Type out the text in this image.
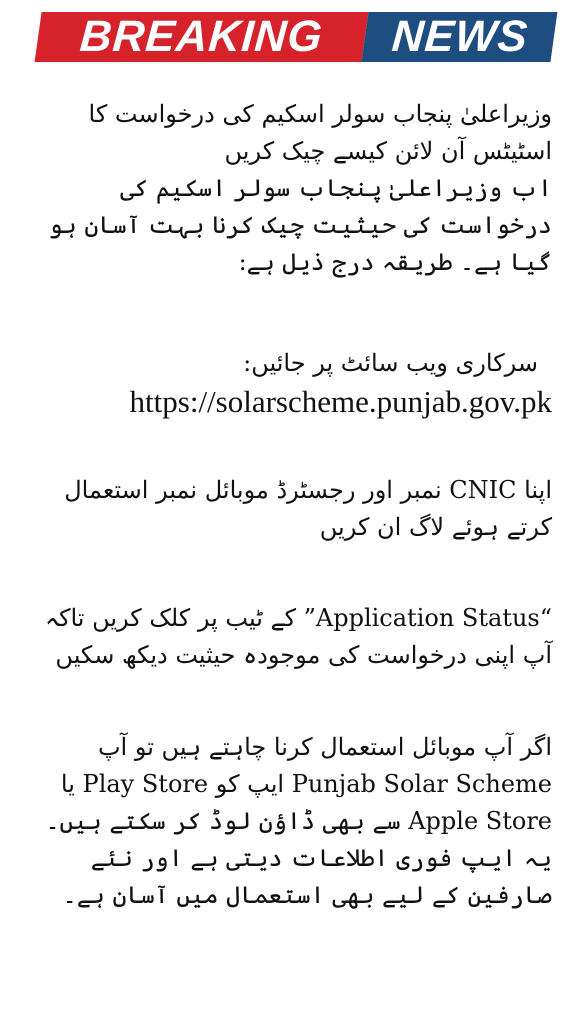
BREAKING NEWS

وزیراعلیٰ پنجاب سولر اسکیم کی درخواست کا اسٹیٹس آن لائن کیسے چیک کریں

اب وزیراعلیٰ پنجاب سولر اسکیم کی درخواست کی حیثیت چیک کرنا بہت آسان ہو گیا ہے۔ طریقہ درج ذیل ہے:

سرکاری ویب سائٹ پر جائیں:

https://solarscheme.punjab.gov.pk

اپنا CNIC نمبر اور رجسٹرڈ موبائل نمبر استعمال کرتے ہوئے لاگ ان کریں

“Application Status” کے ٹیب پر کلک کریں تاکہ آپ اپنی درخواست کی موجودہ حیثیت دیکھ سکیں

اگر آپ موبائل استعمال کرنا چاہتے ہیں تو آپ Punjab Solar Scheme ایپ کو Play Store یا Apple Store سے بھی ڈاؤن لوڈ کر سکتے ہیں۔

یہ ایپ فوری اطلاعات دیتی ہے اور نئے صارفین کے لیے بھی استعمال میں آسان ہے۔
